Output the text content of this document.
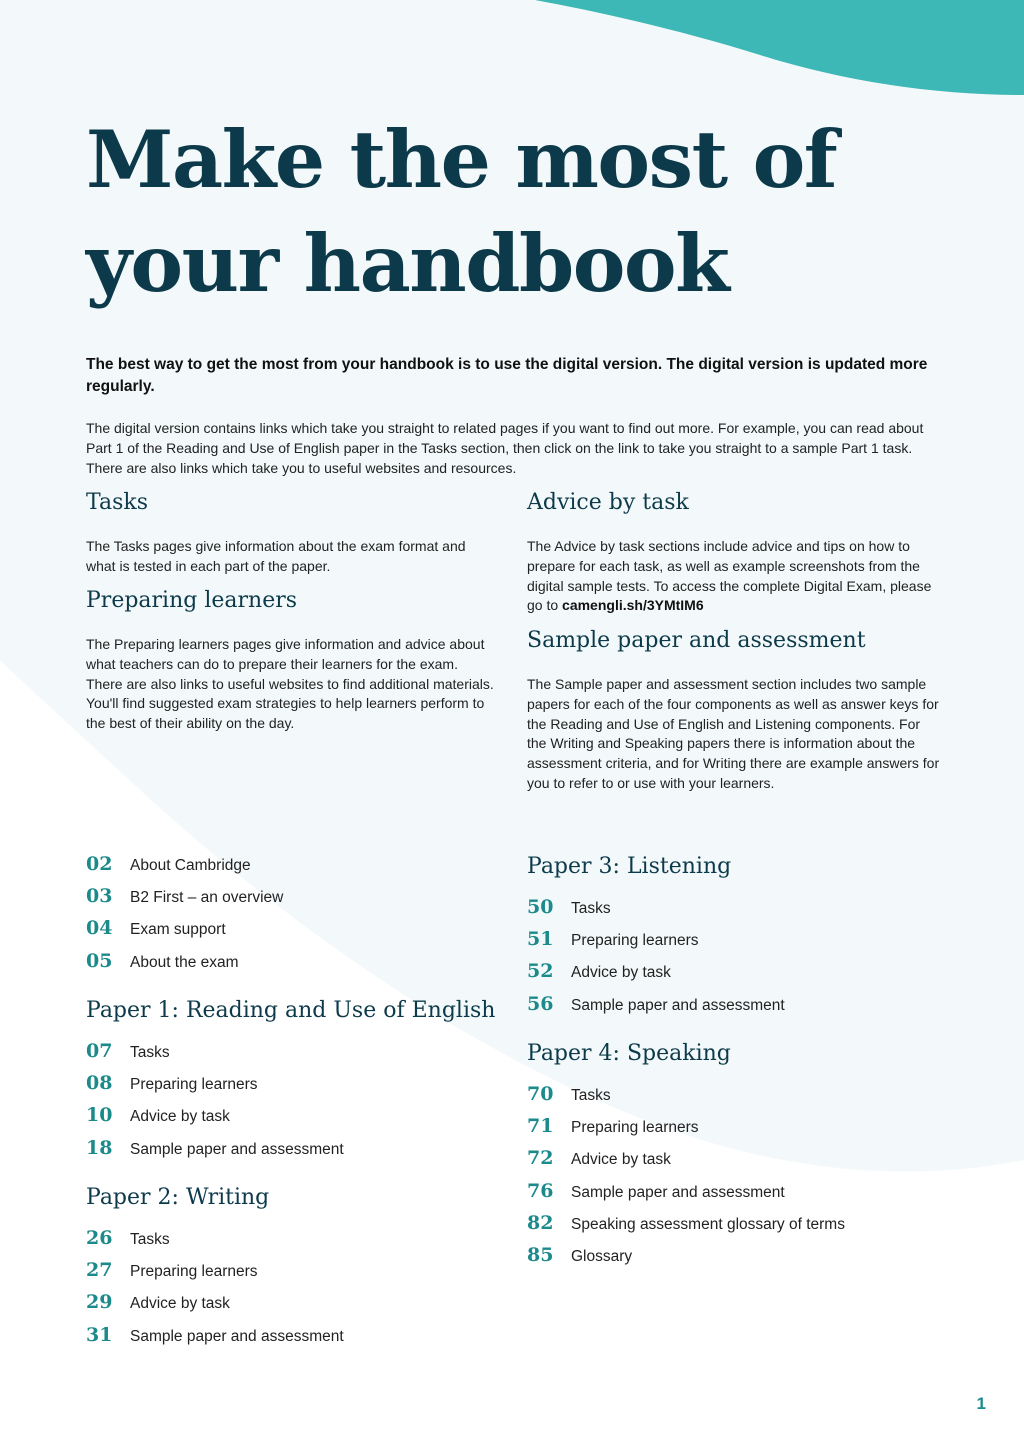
Make the most of
your handbook

The best way to get the most from your handbook is to use the digital version. The digital version is updated more regularly.

The digital version contains links which take you straight to related pages if you want to find out more. For example, you can read about Part 1 of the Reading and Use of English paper in the Tasks section, then click on the link to take you straight to a sample Part 1 task. There are also links which take you to useful websites and resources.

Tasks

The Tasks pages give information about the exam format and what is tested in each part of the paper.

Preparing learners

The Preparing learners pages give information and advice about what teachers can do to prepare their learners for the exam. There are also links to useful websites to find additional materials. You'll find suggested exam strategies to help learners perform to the best of their ability on the day.

Advice by task

The Advice by task sections include advice and tips on how to prepare for each task, as well as example screenshots from the digital sample tests. To access the complete Digital Exam, please go to camengli.sh/3YMtIM6

Sample paper and assessment

The Sample paper and assessment section includes two sample papers for each of the four components as well as answer keys for the Reading and Use of English and Listening components. For the Writing and Speaking papers there is information about the assessment criteria, and for Writing there are example answers for you to refer to or use with your learners.

02	About Cambridge
03	B2 First – an overview
04	Exam support
05	About the exam
Paper 1: Reading and Use of English
07	Tasks
08	Preparing learners
10	Advice by task
18	Sample paper and assessment
Paper 2: Writing
26	Tasks
27	Preparing learners
29	Advice by task
31	Sample paper and assessment
Paper 3: Listening
50	Tasks
51	Preparing learners
52	Advice by task
56	Sample paper and assessment
Paper 4: Speaking
70	Tasks
71	Preparing learners
72	Advice by task
76	Sample paper and assessment
82	Speaking assessment glossary of terms
85	Glossary
1
